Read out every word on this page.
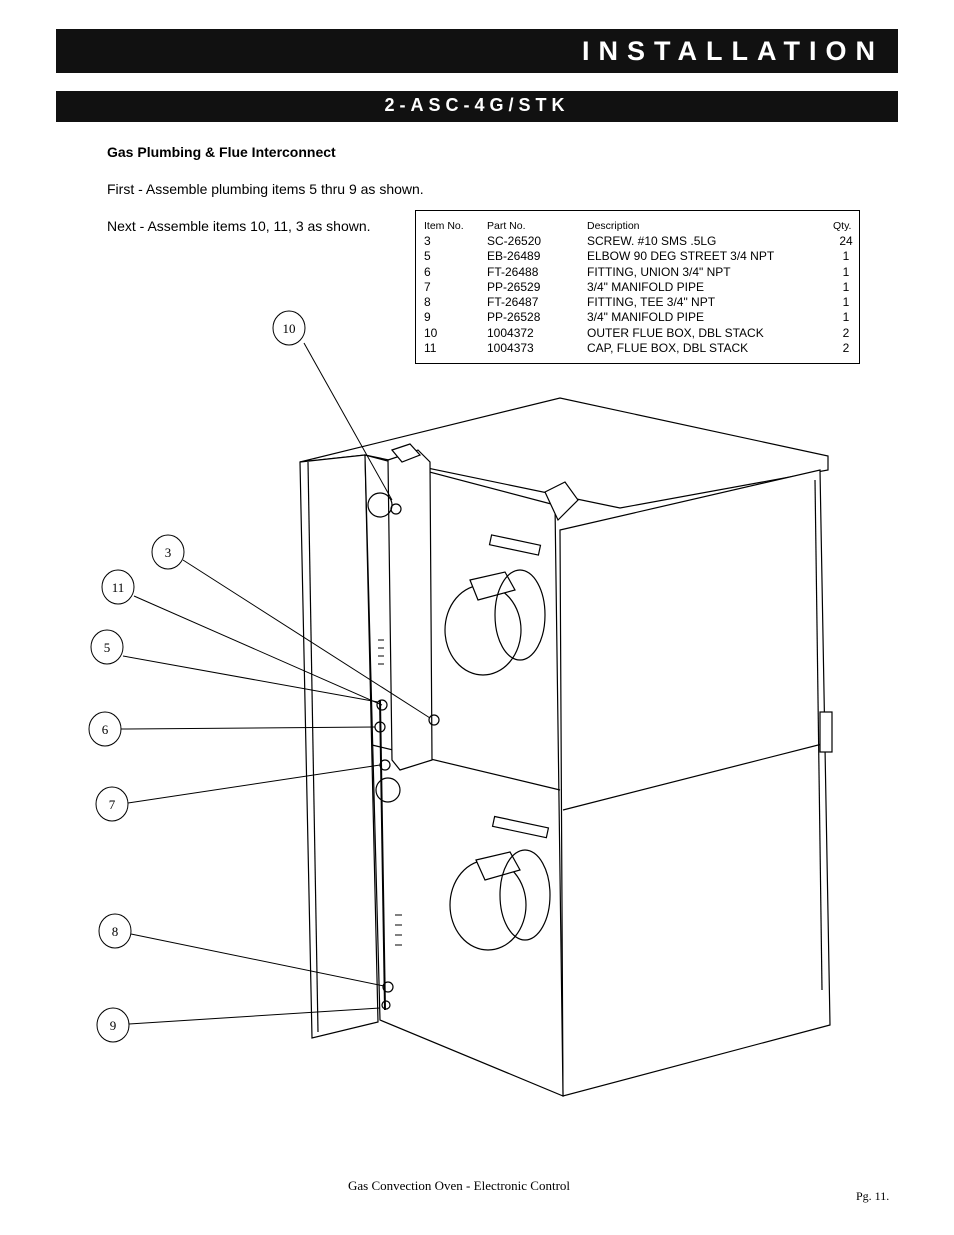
INSTALLATION
2-ASC-4G/STK
Gas Plumbing & Flue Interconnect
First - Assemble plumbing items 5 thru 9 as shown.
Next - Assemble items 10, 11, 3 as shown.	Item No.	Part No.	Description	Qty.
3	SC-26520	SCREW. #10 SMS .5LG	24
5	EB-26489	ELBOW 90 DEG STREET 3/4 NPT	1
6	FT-26488	FITTING, UNION 3/4" NPT	1
7	PP-26529	3/4" MANIFOLD PIPE	1
8	FT-26487	FITTING, TEE 3/4" NPT	1
9	PP-26528	3/4" MANIFOLD PIPE	1
10	1004372	OUTER FLUE BOX, DBL STACK	2
11	1004373	CAP, FLUE BOX, DBL STACK	2
10
3
11
5
6
7
8
9
Gas Convection Oven - Electronic Control
Pg. 11.
